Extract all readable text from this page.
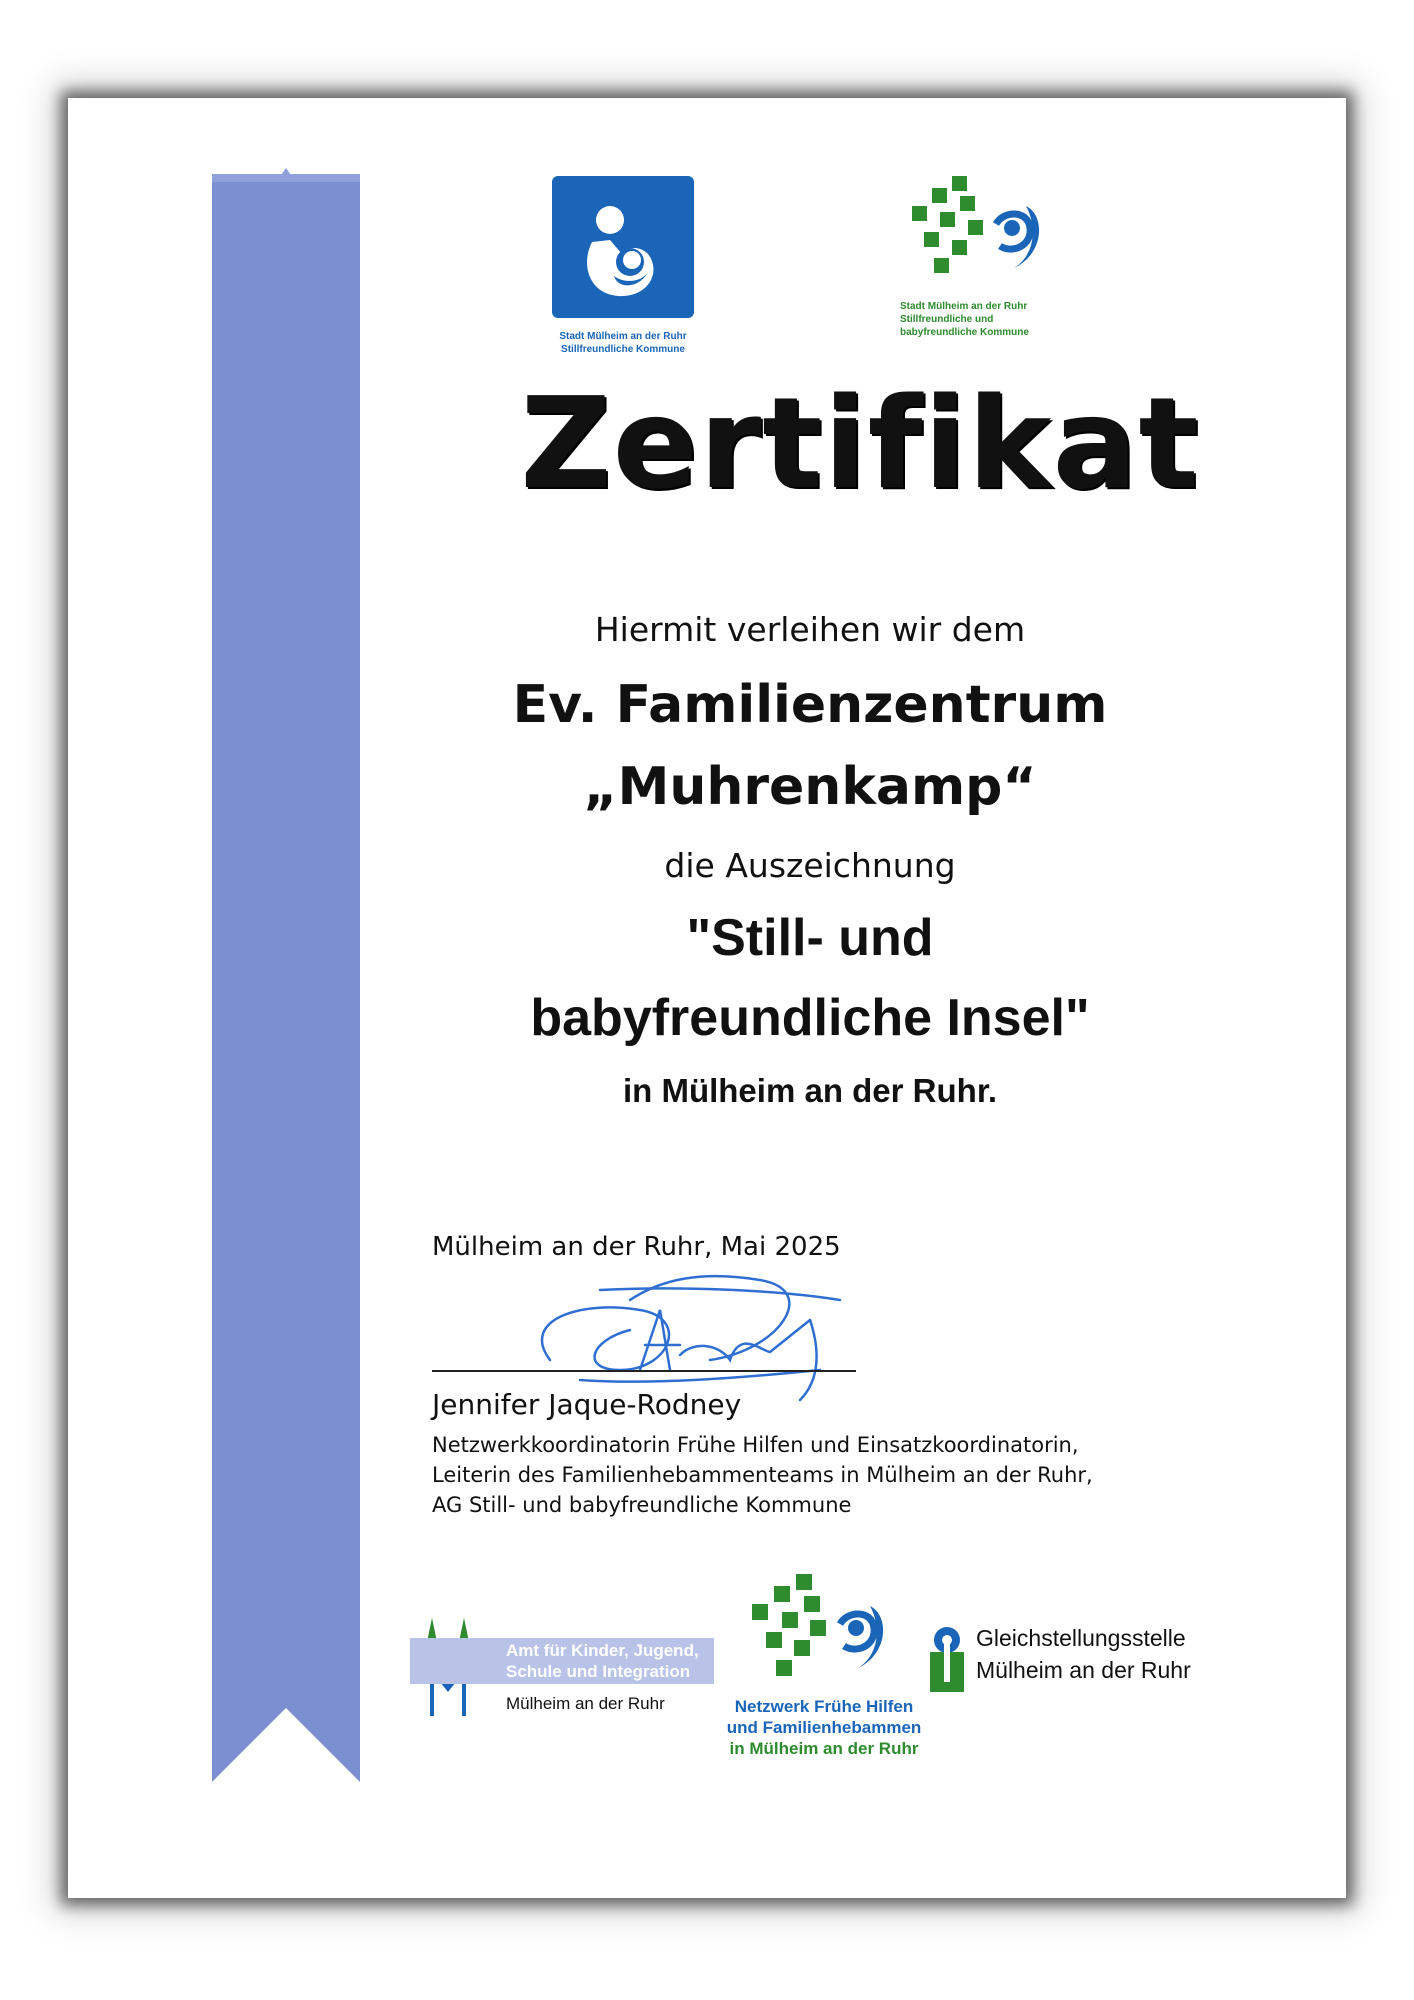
Stadt Mülheim an der Ruhr
Stillfreundliche Kommune
Stadt Mülheim an der Ruhr
Stillfreundliche und
babyfreundliche Kommune
Zertifikat
Hiermit verleihen wir dem
Ev. Familienzentrum
„Muhrenkamp“
die Auszeichnung
"Still- und
babyfreundliche Insel"
in Mülheim an der Ruhr.
Mülheim an der Ruhr, Mai 2025
Jennifer Jaque-Rodney
Netzwerkkoordinatorin Frühe Hilfen und Einsatzkoordinatorin,
Leiterin des Familienhebammenteams in Mülheim an der Ruhr,
AG Still- und babyfreundliche Kommune
Amt für Kinder, Jugend,
Schule und Integration
Mülheim an der Ruhr	Netzwerk Frühe Hilfen
und Familienhebammen
in Mülheim an der Ruhr
Gleichstellungsstelle
Mülheim an der Ruhr
